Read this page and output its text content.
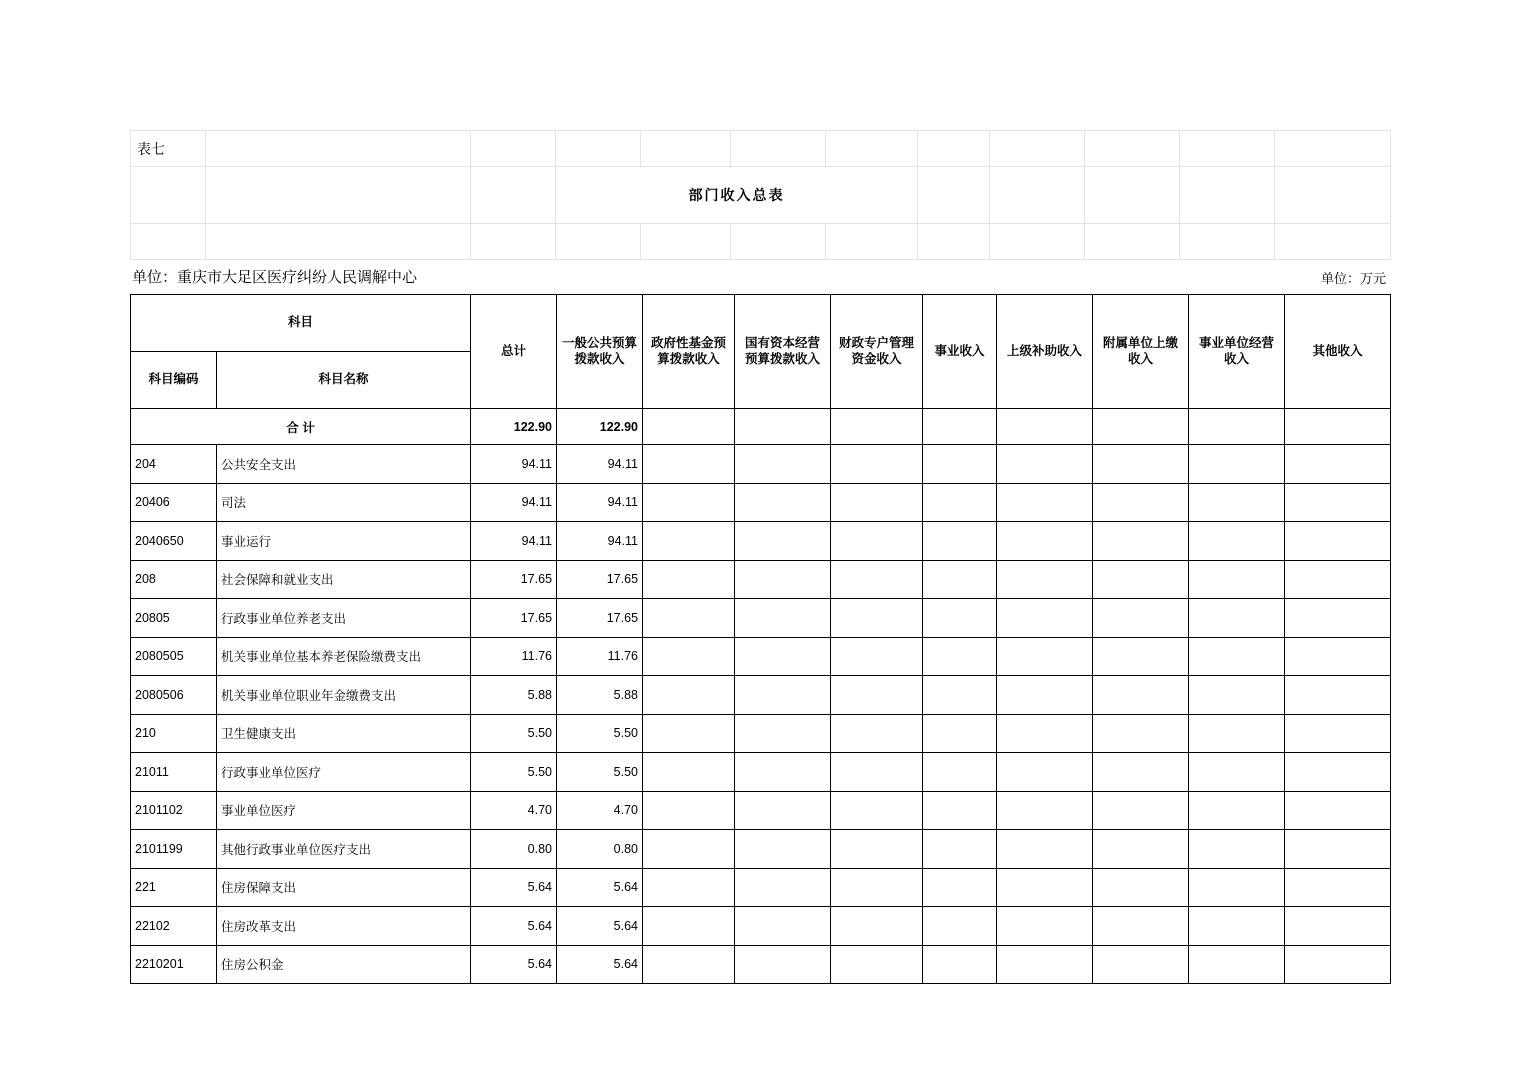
表七											
			部门收入总表								

单位：重庆市大足区医疗纠纷人民调解中心	单位：万元
科目		总计	一般公共预算拨款收入	政府性基金预算拨款收入	国有资本经营预算拨款收入	财政专户管理资金收入	事业收入	上级补助收入	附属单位上缴收入	事业单位经营收入	其他收入
科目编码	科目名称										
合 计		122.90	122.90								
204	公共安全支出	94.11	94.11								
20406	司法	94.11	94.11								
2040650	事业运行	94.11	94.11								
208	社会保障和就业支出	17.65	17.65								
20805	行政事业单位养老支出	17.65	17.65								
2080505	机关事业单位基本养老保险缴费支出	11.76	11.76								
2080506	机关事业单位职业年金缴费支出	5.88	5.88								
210	卫生健康支出	5.50	5.50								
21011	行政事业单位医疗	5.50	5.50								
2101102	事业单位医疗	4.70	4.70								
2101199	其他行政事业单位医疗支出	0.80	0.80								
221	住房保障支出	5.64	5.64								
22102	住房改革支出	5.64	5.64								
2210201	住房公积金	5.64	5.64								
